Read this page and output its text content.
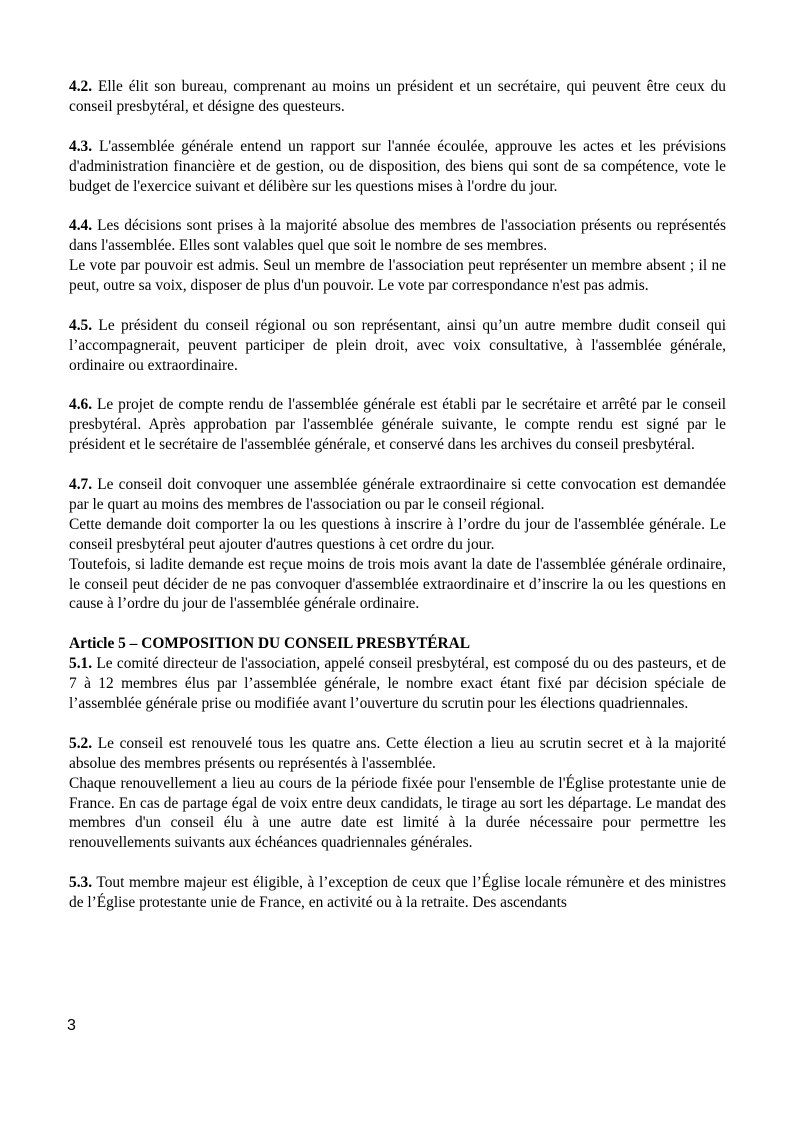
4.2. Elle élit son bureau, comprenant au moins un président et un secrétaire, qui peuvent être ceux du conseil presbytéral, et désigne des questeurs.

4.3. L'assemblée générale entend un rapport sur l'année écoulée, approuve les actes et les prévisions d'administration financière et de gestion, ou de disposition, des biens qui sont de sa compétence, vote le budget de l'exercice suivant et délibère sur les questions mises à l'ordre du jour.

4.4. Les décisions sont prises à la majorité absolue des membres de l'association présents ou représentés dans l'assemblée. Elles sont valables quel que soit le nombre de ses membres.

Le vote par pouvoir est admis. Seul un membre de l'association peut représenter un membre absent ; il ne peut, outre sa voix, disposer de plus d'un pouvoir. Le vote par correspondance n'est pas admis.

4.5. Le président du conseil régional ou son représentant, ainsi qu’un autre membre dudit conseil qui l’accompagnerait, peuvent participer de plein droit, avec voix consultative, à l'assemblée générale, ordinaire ou extraordinaire.

4.6. Le projet de compte rendu de l'assemblée générale est établi par le secrétaire et arrêté par le conseil presbytéral. Après approbation par l'assemblée générale suivante, le compte rendu est signé par le président et le secrétaire de l'assemblée générale, et conservé dans les archives du conseil presbytéral.

4.7. Le conseil doit convoquer une assemblée générale extraordinaire si cette convocation est demandée par le quart au moins des membres de l'association ou par le conseil régional.

Cette demande doit comporter la ou les questions à inscrire à l’ordre du jour de l'assemblée générale. Le conseil presbytéral peut ajouter d'autres questions à cet ordre du jour.

Toutefois, si ladite demande est reçue moins de trois mois avant la date de l'assemblée générale ordinaire, le conseil peut décider de ne pas convoquer d'assemblée extraordinaire et d’inscrire la ou les questions en cause à l’ordre du jour de l'assemblée générale ordinaire.

Article 5 – COMPOSITION DU CONSEIL PRESBYTÉRAL

5.1. Le comité directeur de l'association, appelé conseil presbytéral, est composé du ou des pasteurs, et de 7 à 12 membres élus par l’assemblée générale, le nombre exact étant fixé par décision spéciale de l’assemblée générale prise ou modifiée avant l’ouverture du scrutin pour les élections quadriennales.

5.2. Le conseil est renouvelé tous les quatre ans. Cette élection a lieu au scrutin secret et à la majorité absolue des membres présents ou représentés à l'assemblée.

Chaque renouvellement a lieu au cours de la période fixée pour l'ensemble de l'Église protestante unie de France. En cas de partage égal de voix entre deux candidats, le tirage au sort les départage. Le mandat des membres d'un conseil élu à une autre date est limité à la durée nécessaire pour permettre les renouvellements suivants aux échéances quadriennales générales.

5.3. Tout membre majeur est éligible, à l’exception de ceux que l’Église locale rémunère et des ministres de l’Église protestante unie de France, en activité ou à la retraite. Des ascendants

3
